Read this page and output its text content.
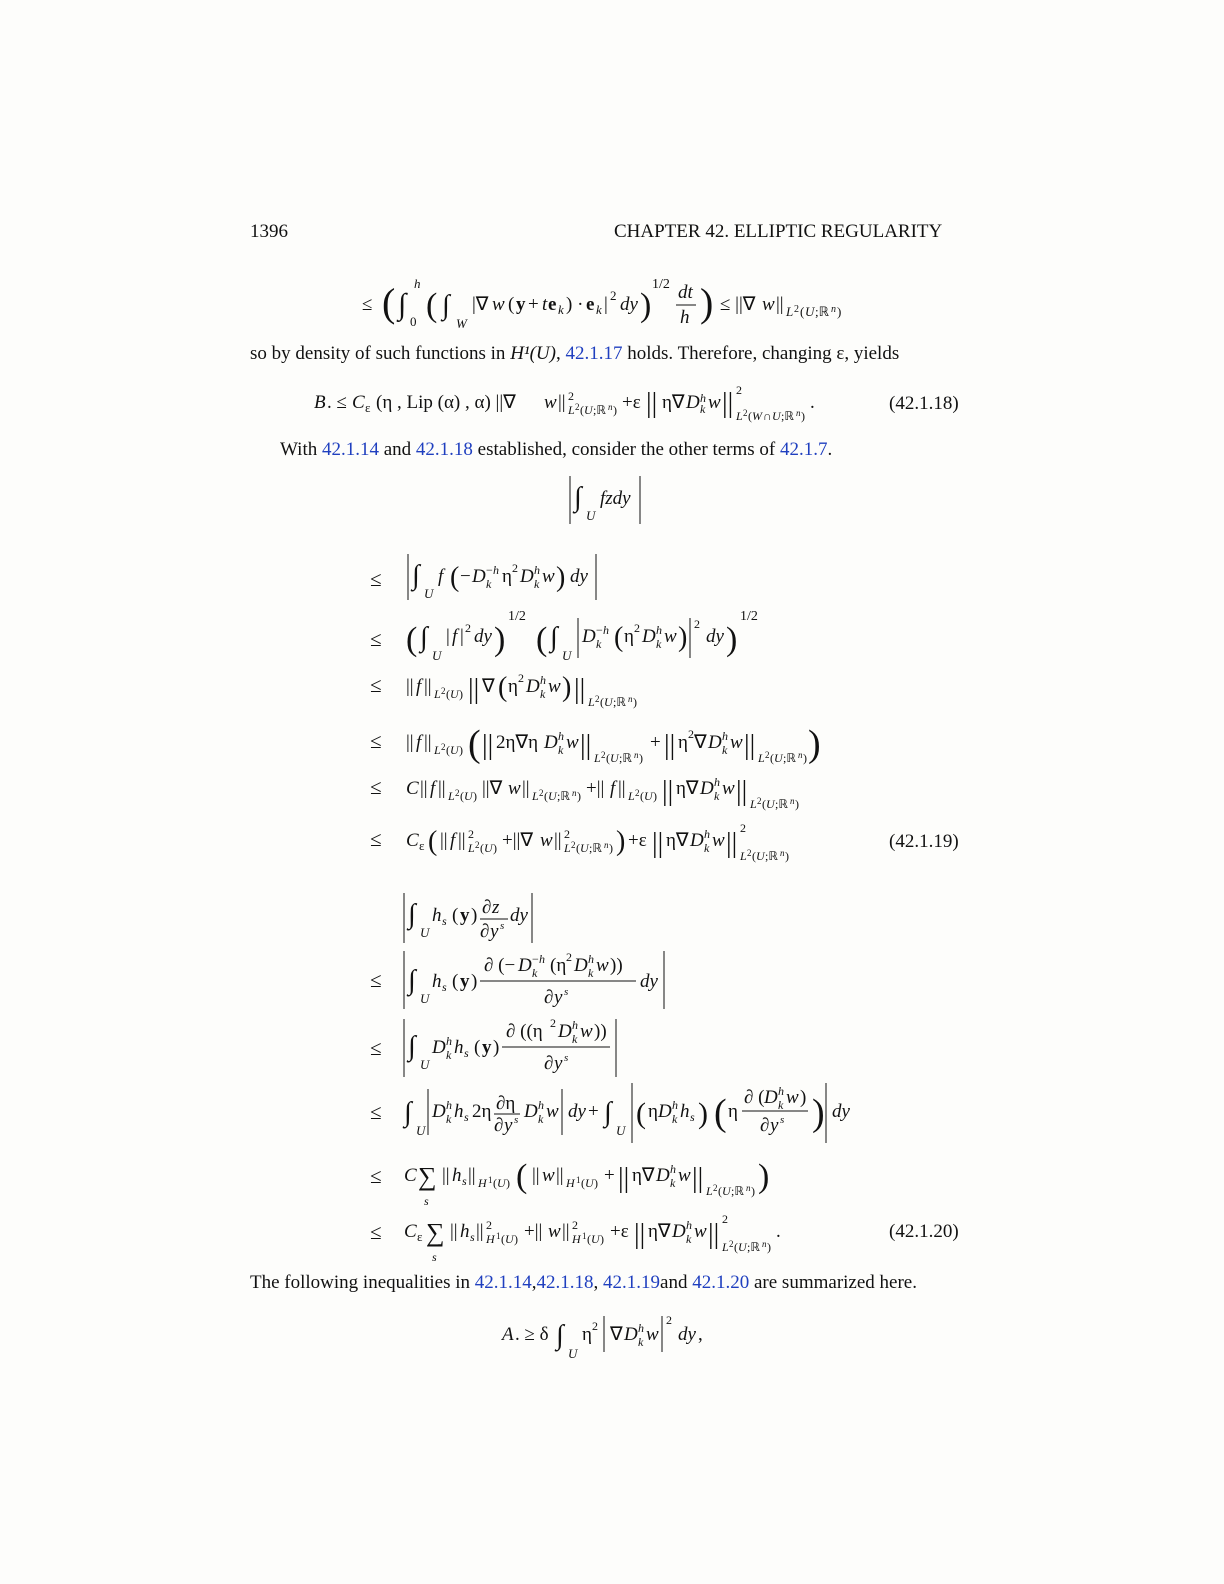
1396	CHAPTER 42. ELLIPTIC REGULARITY
≤ ( ∫
h
0 ( ∫
W
|∇ w ( y + t e k ) · e k | 2 dy )
1/2 dt
h ) ≤ ||∇ w || L 2 ( U ;ℝ n )
so by density of such functions in H¹(U), 42.1.17 holds. Therefore, changing ε, yields
B . ≤ C ε (η , Lip (α) , α) ||∇ w || 2
L 2 ( U ;ℝ n ) +ε || η∇ D h
k w || 2
L 2 ( W ∩ U ;ℝ n )
.	(42.1.18)
With 42.1.14 and 42.1.18 established, consider the other terms of 42.1.7.
∫
U
fzdy
≤ ∫
U
f ( − D − h
k η 2 D h
k w ) dy
≤ ( ∫
U
| f | 2 dy )
1/2
( ∫
U
D − h
k ( η 2 D h
k w ) 2
dy )
1/2
≤ || f || L 2 ( U ) || ∇ ( η 2 D h
k w ) || L 2 ( U ;ℝ n )
≤ || f || L 2 ( U ) ( || 2η∇η D h
k w || L 2 ( U ;ℝ n )
+ || η 2 ∇ D h
k w || L 2 ( U ;ℝ n ) )
≤ C || f || L 2 ( U ) ||∇ w || L 2 ( U ;ℝ n ) +|| f || L 2 ( U ) || η∇ D h
k w || L 2 ( U ;ℝ n )
≤ C ε ( || f || 2
L 2 ( U ) +||∇ w || 2
L 2 ( U ;ℝ n ) ) +ε || η∇ D h
k w || 2
L 2 ( U ;ℝ n )
(42.1.19)
∫
U
h s ( y ) ∂ z
∂ y s dy
≤ ∫
U
h s ( y )
∂ (− D − h
k (η 2 D h
k w ))
∂ y s	dy
≤ ∫
U
D h
k h s ( y )
∂ ((η 2 D h
k w ))
∂ y s
≤ ∫
U
D h
k h s 2η ∂η
∂ y s D h
k w dy + ∫
U
( η D h
k h s ) ( η
∂ ( D h
k w )
∂ y s ) dy
≤ C ∑
s
|| h s || H 1 ( U ) ( || w || H 1 ( U ) + || η∇ D h
k w || L 2 ( U ;ℝ n ) )
≤ C ε ∑
s
|| h s || 2
H 1 ( U ) +|| w || 2
H 1 ( U ) +ε || η∇ D h
k w || 2
L 2 ( U ;ℝ n )
.	(42.1.20)
The following inequalities in 42.1.14,42.1.18, 42.1.19and 42.1.20 are summarized here.
A . ≥ δ ∫
U
η 2 ∇ D h
k w
2
dy ,
